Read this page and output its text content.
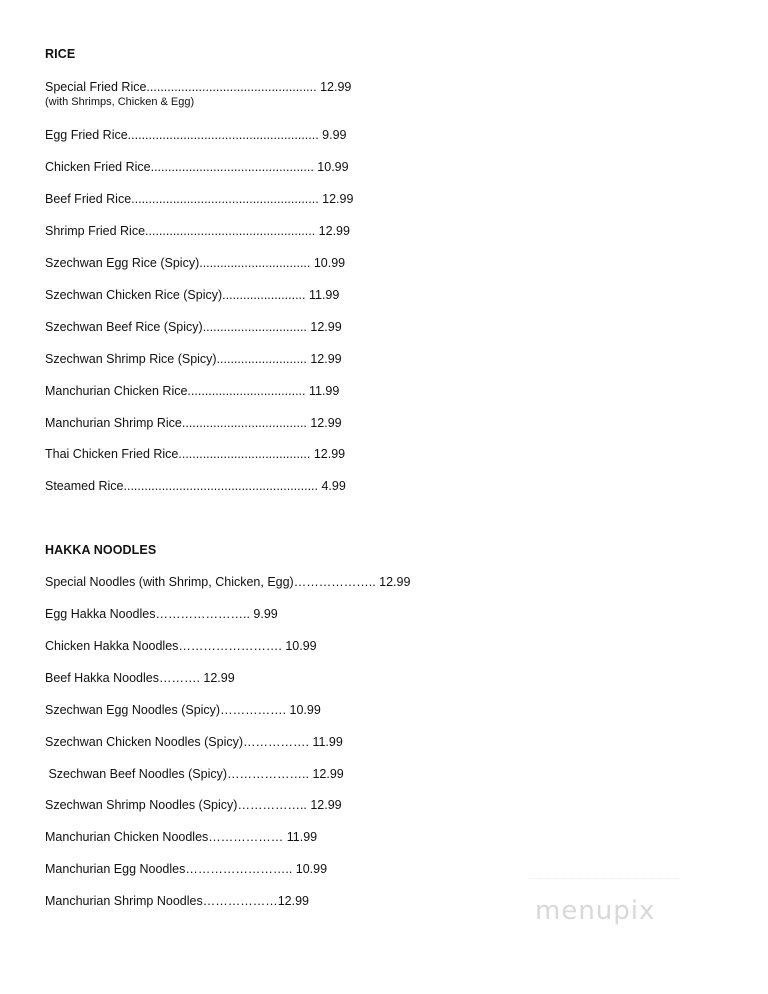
RICE
Special Fried Rice................................................. 12.99
(with Shrimps, Chicken & Egg)
Egg Fried Rice....................................................... 9.99
Chicken Fried Rice............................................... 10.99
Beef Fried Rice...................................................... 12.99
Shrimp Fried Rice................................................. 12.99
Szechwan Egg Rice (Spicy)................................ 10.99
Szechwan Chicken Rice (Spicy)........................ 11.99
Szechwan Beef Rice (Spicy).............................. 12.99
Szechwan Shrimp Rice (Spicy).......................... 12.99
Manchurian Chicken Rice.................................. 11.99
Manchurian Shrimp Rice.................................... 12.99
Thai Chicken Fried Rice...................................... 12.99
Steamed Rice........................................................ 4.99
HAKKA NOODLES
Special Noodles (with Shrimp, Chicken, Egg)……………….. 12.99
Egg Hakka Noodles………………….. 9.99
Chicken Hakka Noodles……………………. 10.99
Beef Hakka Noodles………. 12.99
Szechwan Egg Noodles (Spicy)……………. 10.99
Szechwan Chicken Noodles (Spicy)……………. 11.99
Szechwan Beef Noodles (Spicy)……………….. 12.99
Szechwan Shrimp Noodles (Spicy)…………….. 12.99
Manchurian Chicken Noodles……………… 11.99
Manchurian Egg Noodles…………………….. 10.99
Manchurian Shrimp Noodles………………12.99	menupix
